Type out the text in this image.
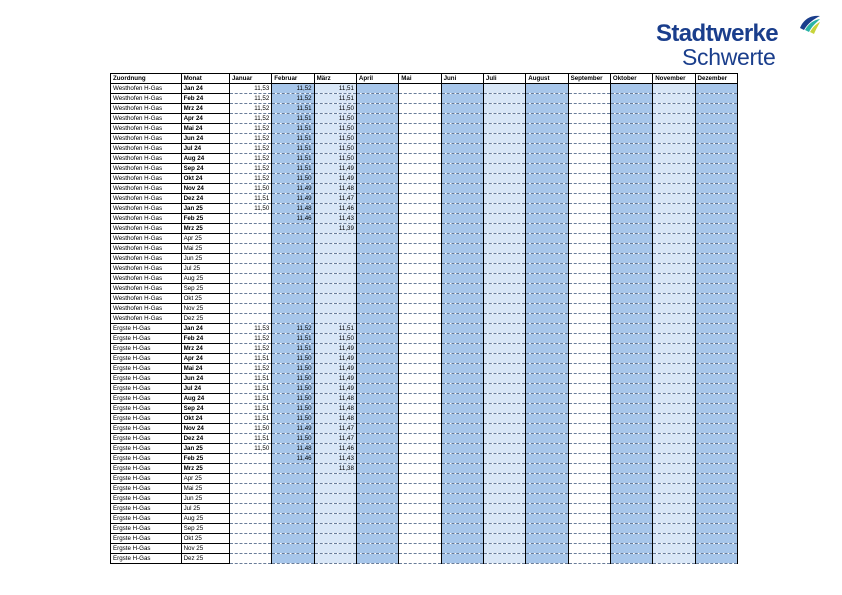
Stadtwerke
Schwerte
Zuordnung	Monat	Januar	Februar	März	April	Mai	Juni	Juli	August	September	Oktober	November	Dezember
Westhofen H-Gas	Jan 24	11,53	11,52	11,51									
Westhofen H-Gas	Feb 24	11,52	11,52	11,51									
Westhofen H-Gas	Mrz 24	11,52	11,51	11,50									
Westhofen H-Gas	Apr 24	11,52	11,51	11,50									
Westhofen H-Gas	Mai 24	11,52	11,51	11,50									
Westhofen H-Gas	Jun 24	11,52	11,51	11,50									
Westhofen H-Gas	Jul 24	11,52	11,51	11,50									
Westhofen H-Gas	Aug 24	11,52	11,51	11,50									
Westhofen H-Gas	Sep 24	11,52	11,51	11,49									
Westhofen H-Gas	Okt 24	11,52	11,50	11,49									
Westhofen H-Gas	Nov 24	11,50	11,49	11,48									
Westhofen H-Gas	Dez 24	11,51	11,49	11,47									
Westhofen H-Gas	Jan 25	11,50	11,48	11,46									
Westhofen H-Gas	Feb 25		11,46	11,43									
Westhofen H-Gas	Mrz 25			11,39									
Westhofen H-Gas	Apr 25												
Westhofen H-Gas	Mai 25												
Westhofen H-Gas	Jun 25												
Westhofen H-Gas	Jul 25												
Westhofen H-Gas	Aug 25												
Westhofen H-Gas	Sep 25												
Westhofen H-Gas	Okt 25												
Westhofen H-Gas	Nov 25												
Westhofen H-Gas	Dez 25												
Ergste H-Gas	Jan 24	11,53	11,52	11,51									
Ergste H-Gas	Feb 24	11,52	11,51	11,50									
Ergste H-Gas	Mrz 24	11,52	11,51	11,49									
Ergste H-Gas	Apr 24	11,51	11,50	11,49									
Ergste H-Gas	Mai 24	11,52	11,50	11,49									
Ergste H-Gas	Jun 24	11,51	11,50	11,49									
Ergste H-Gas	Jul 24	11,51	11,50	11,49									
Ergste H-Gas	Aug 24	11,51	11,50	11,48									
Ergste H-Gas	Sep 24	11,51	11,50	11,48									
Ergste H-Gas	Okt 24	11,51	11,50	11,48									
Ergste H-Gas	Nov 24	11,50	11,49	11,47									
Ergste H-Gas	Dez 24	11,51	11,50	11,47									
Ergste H-Gas	Jan 25	11,50	11,48	11,46									
Ergste H-Gas	Feb 25		11,46	11,43									
Ergste H-Gas	Mrz 25			11,38									
Ergste H-Gas	Apr 25												
Ergste H-Gas	Mai 25												
Ergste H-Gas	Jun 25												
Ergste H-Gas	Jul 25												
Ergste H-Gas	Aug 25												
Ergste H-Gas	Sep 25												
Ergste H-Gas	Okt 25												
Ergste H-Gas	Nov 25												
Ergste H-Gas	Dez 25												
